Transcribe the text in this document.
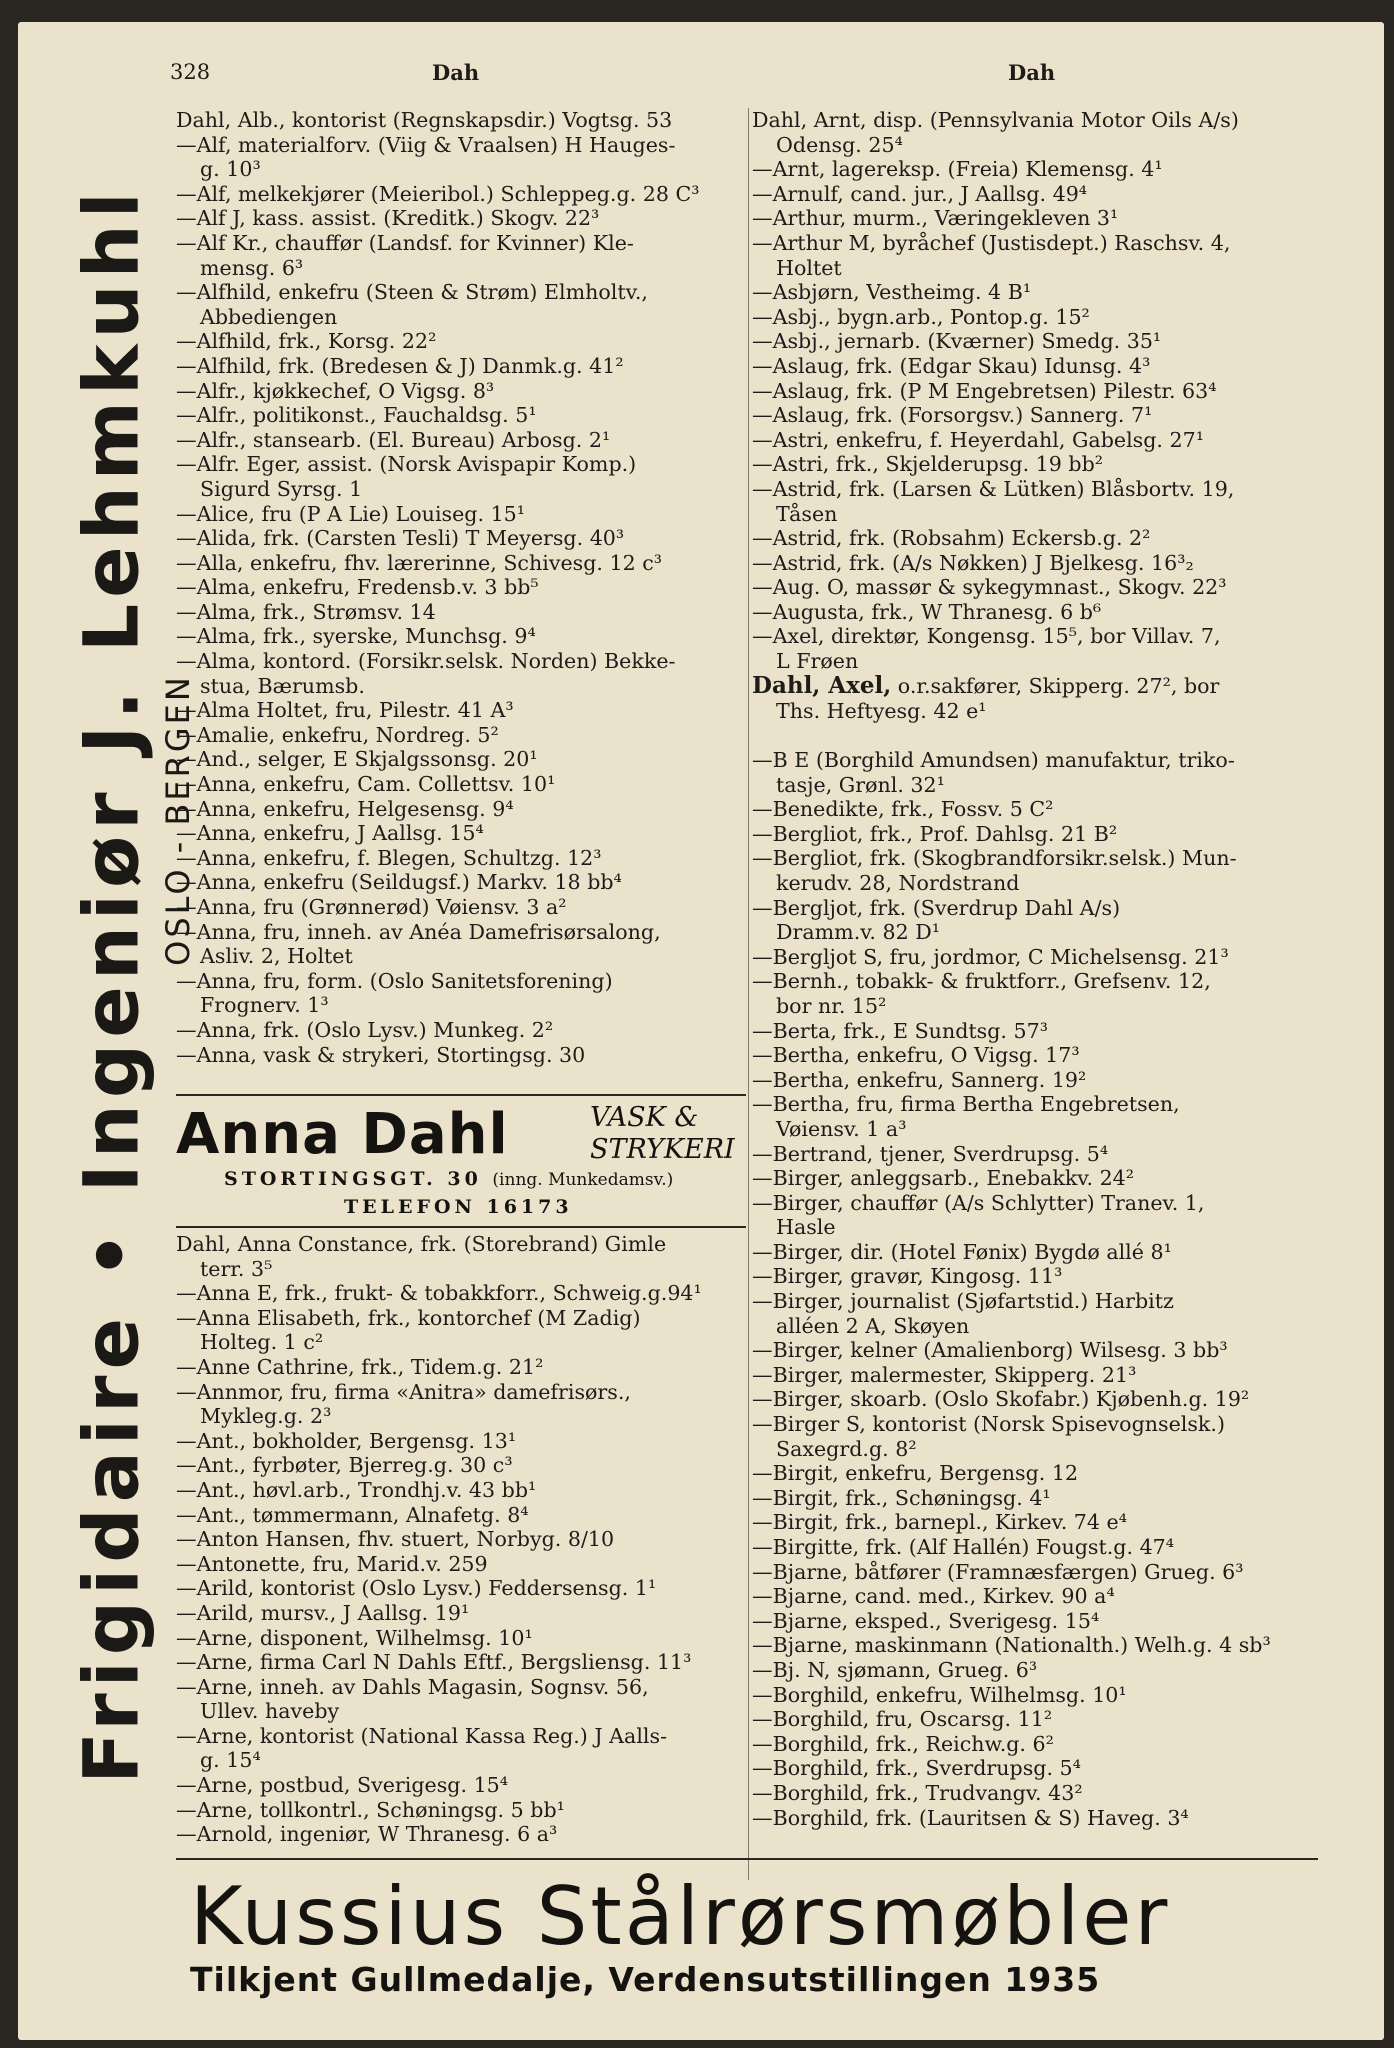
Frigidaire • Ingeniør J. Lehmkuhl OSLO - BERGEN
328	Dah	Dah
Dahl, Alb., kontorist (Regnskapsdir.) Vogtsg. 53
—Alf, materialforv. (Viig & Vraalsen) H Hauges-
g. 10³
—Alf, melkekjører (Meieribol.) Schleppeg.g. 28 C³
—Alf J, kass. assist. (Kreditk.) Skogv. 22³
—Alf Kr., chauffør (Landsf. for Kvinner) Kle-
mensg. 6³
—Alfhild, enkefru (Steen & Strøm) Elmholtv.,
Abbediengen
—Alfhild, frk., Korsg. 22²
—Alfhild, frk. (Bredesen & J) Danmk.g. 41²
—Alfr., kjøkkechef, O Vigsg. 8³
—Alfr., politikonst., Fauchaldsg. 5¹
—Alfr., stansearb. (El. Bureau) Arbosg. 2¹
—Alfr. Eger, assist. (Norsk Avispapir Komp.)
Sigurd Syrsg. 1
—Alice, fru (P A Lie) Louiseg. 15¹
—Alida, frk. (Carsten Tesli) T Meyersg. 40³
—Alla, enkefru, fhv. lærerinne, Schivesg. 12 c³
—Alma, enkefru, Fredensb.v. 3 bb⁵
—Alma, frk., Strømsv. 14
—Alma, frk., syerske, Munchsg. 9⁴
—Alma, kontord. (Forsikr.selsk. Norden) Bekke-
stua, Bærumsb.
—Alma Holtet, fru, Pilestr. 41 A³
—Amalie, enkefru, Nordreg. 5²
—And., selger, E Skjalgssonsg. 20¹
—Anna, enkefru, Cam. Collettsv. 10¹
—Anna, enkefru, Helgesensg. 9⁴
—Anna, enkefru, J Aallsg. 15⁴
—Anna, enkefru, f. Blegen, Schultzg. 12³
—Anna, enkefru (Seildugsf.) Markv. 18 bb⁴
—Anna, fru (Grønnerød) Vøiensv. 3 a²
—Anna, fru, inneh. av Anéa Damefrisørsalong,
Asliv. 2, Holtet
—Anna, fru, form. (Oslo Sanitetsforening)
Frognerv. 1³
—Anna, frk. (Oslo Lysv.) Munkeg. 2²
—Anna, vask & strykeri, Stortingsg. 30
Anna Dahl	VASK &
STRYKERI
STORTINGSGT. 30 (inng. Munkedamsv.)
TELEFON 16173
Dahl, Anna Constance, frk. (Storebrand) Gimle
terr. 3⁵
—Anna E, frk., frukt- & tobakkforr., Schweig.g.94¹
—Anna Elisabeth, frk., kontorchef (M Zadig)
Holteg. 1 c²
—Anne Cathrine, frk., Tidem.g. 21²
—Annmor, fru, firma «Anitra» damefrisørs.,
Mykleg.g. 2³
—Ant., bokholder, Bergensg. 13¹
—Ant., fyrbøter, Bjerreg.g. 30 c³
—Ant., høvl.arb., Trondhj.v. 43 bb¹
—Ant., tømmermann, Alnafetg. 8⁴
—Anton Hansen, fhv. stuert, Norbyg. 8/10
—Antonette, fru, Marid.v. 259
—Arild, kontorist (Oslo Lysv.) Feddersensg. 1¹
—Arild, mursv., J Aallsg. 19¹
—Arne, disponent, Wilhelmsg. 10¹
—Arne, firma Carl N Dahls Eftf., Bergsliensg. 11³
—Arne, inneh. av Dahls Magasin, Sognsv. 56,
Ullev. haveby
—Arne, kontorist (National Kassa Reg.) J Aalls-
g. 15⁴
—Arne, postbud, Sverigesg. 15⁴
—Arne, tollkontrl., Schøningsg. 5 bb¹
—Arnold, ingeniør, W Thranesg. 6 a³
Dahl, Arnt, disp. (Pennsylvania Motor Oils A/s)
Odensg. 25⁴
—Arnt, lagereksp. (Freia) Klemensg. 4¹
—Arnulf, cand. jur., J Aallsg. 49⁴
—Arthur, murm., Væringekleven 3¹
—Arthur M, byråchef (Justisdept.) Raschsv. 4,
Holtet
—Asbjørn, Vestheimg. 4 B¹
—Asbj., bygn.arb., Pontop.g. 15²
—Asbj., jernarb. (Kværner) Smedg. 35¹
—Aslaug, frk. (Edgar Skau) Idunsg. 4³
—Aslaug, frk. (P M Engebretsen) Pilestr. 63⁴
—Aslaug, frk. (Forsorgsv.) Sannerg. 7¹
—Astri, enkefru, f. Heyerdahl, Gabelsg. 27¹
—Astri, frk., Skjelderupsg. 19 bb²
—Astrid, frk. (Larsen & Lütken) Blåsbortv. 19,
Tåsen
—Astrid, frk. (Robsahm) Eckersb.g. 2²
—Astrid, frk. (A/s Nøkken) J Bjelkesg. 16³₂
—Aug. O, massør & sykegymnast., Skogv. 22³
—Augusta, frk., W Thranesg. 6 b⁶
—Axel, direktør, Kongensg. 15⁵, bor Villav. 7,
L Frøen
Dahl, Axel, o.r.sakfører, Skipperg. 27², bor
Ths. Heftyesg. 42 e¹
—B E (Borghild Amundsen) manufaktur, triko-
tasje, Grønl. 32¹
—Benedikte, frk., Fossv. 5 C²
—Bergliot, frk., Prof. Dahlsg. 21 B²
—Bergliot, frk. (Skogbrandforsikr.selsk.) Mun-
kerudv. 28, Nordstrand
—Bergljot, frk. (Sverdrup Dahl A/s)
Dramm.v. 82 D¹
—Bergljot S, fru, jordmor, C Michelsensg. 21³
—Bernh., tobakk- & fruktforr., Grefsenv. 12,
bor nr. 15²
—Berta, frk., E Sundtsg. 57³
—Bertha, enkefru, O Vigsg. 17³
—Bertha, enkefru, Sannerg. 19²
—Bertha, fru, firma Bertha Engebretsen,
Vøiensv. 1 a³
—Bertrand, tjener, Sverdrupsg. 5⁴
—Birger, anleggsarb., Enebakkv. 24²
—Birger, chauffør (A/s Schlytter) Tranev. 1,
Hasle
—Birger, dir. (Hotel Fønix) Bygdø allé 8¹
—Birger, gravør, Kingosg. 11³
—Birger, journalist (Sjøfartstid.) Harbitz
alléen 2 A, Skøyen
—Birger, kelner (Amalienborg) Wilsesg. 3 bb³
—Birger, malermester, Skipperg. 21³
—Birger, skoarb. (Oslo Skofabr.) Kjøbenh.g. 19²
—Birger S, kontorist (Norsk Spisevognselsk.)
Saxegrd.g. 8²
—Birgit, enkefru, Bergensg. 12
—Birgit, frk., Schøningsg. 4¹
—Birgit, frk., barnepl., Kirkev. 74 e⁴
—Birgitte, frk. (Alf Hallén) Fougst.g. 47⁴
—Bjarne, båtfører (Framnæsfærgen) Grueg. 6³
—Bjarne, cand. med., Kirkev. 90 a⁴
—Bjarne, eksped., Sverigesg. 15⁴
—Bjarne, maskinmann (Nationalth.) Welh.g. 4 sb³
—Bj. N, sjømann, Grueg. 6³
—Borghild, enkefru, Wilhelmsg. 10¹
—Borghild, fru, Oscarsg. 11²
—Borghild, frk., Reichw.g. 6²
—Borghild, frk., Sverdrupsg. 5⁴
—Borghild, frk., Trudvangv. 43²
—Borghild, frk. (Lauritsen & S) Haveg. 3⁴
Kussius Stålrørsmøbler
Tilkjent Gullmedalje, Verdensutstillingen 1935
